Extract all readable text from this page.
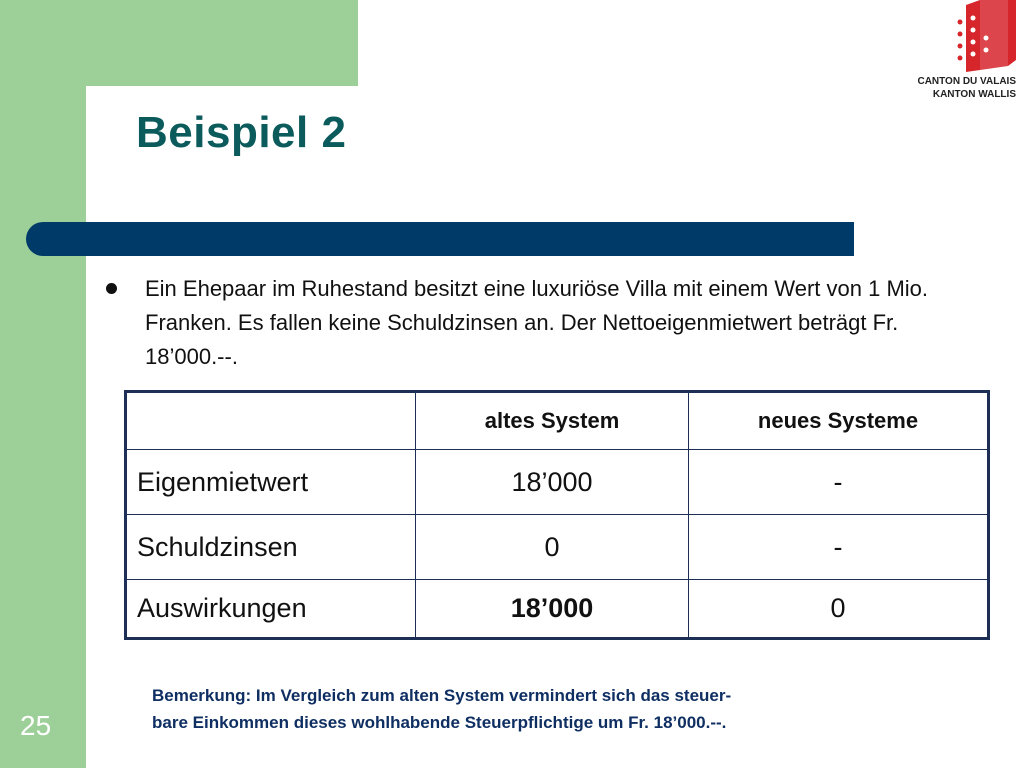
CANTON DU VALAIS
KANTON WALLIS
Beispiel 2

Ein Ehepaar im Ruhestand besitzt eine luxuriöse Villa mit einem Wert von 1 Mio. Franken. Es fallen keine Schuldzinsen an. Der Nettoeigenmietwert beträgt Fr. 18’000.--.

	altes System	neues Systeme
Eigenmietwert	18’000	-
Schuldzinsen	0	-
Auswirkungen	18’000	0
Bemerkung: Im Vergleich zum alten System vermindert sich das steuer-
bare Einkommen dieses wohlhabende Steuerpflichtige um Fr. 18’000.--.
25
